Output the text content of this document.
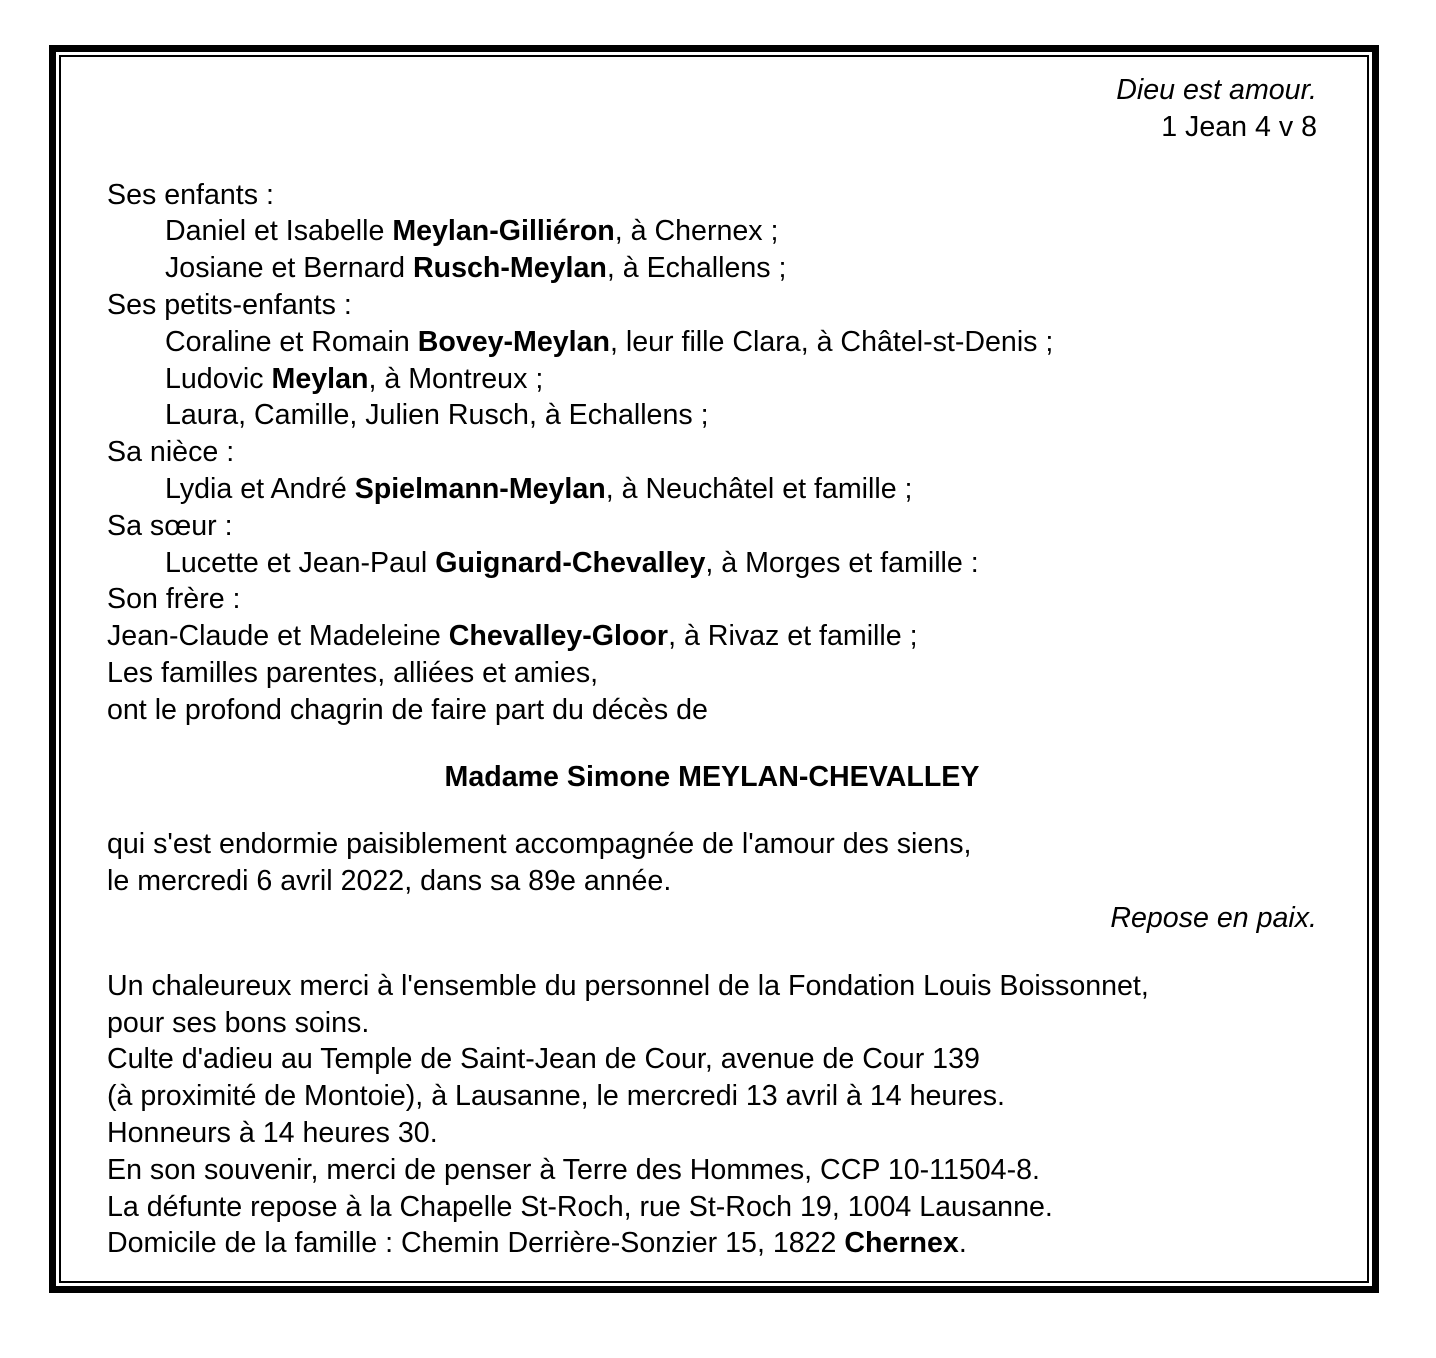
Dieu est amour.
1 Jean 4 v 8
Ses enfants :
Daniel et Isabelle Meylan-Gilliéron, à Chernex ;
Josiane et Bernard Rusch-Meylan, à Echallens ;
Ses petits-enfants :
Coraline et Romain Bovey-Meylan, leur fille Clara, à Châtel-st-Denis ;
Ludovic Meylan, à Montreux ;
Laura, Camille, Julien Rusch, à Echallens ;
Sa nièce :
Lydia et André Spielmann-Meylan, à Neuchâtel et famille ;
Sa sœur :
Lucette et Jean-Paul Guignard-Chevalley, à Morges et famille :
Son frère :
Jean-Claude et Madeleine Chevalley-Gloor, à Rivaz et famille ;
Les familles parentes, alliées et amies,
ont le profond chagrin de faire part du décès de
Madame Simone MEYLAN-CHEVALLEY
qui s'est endormie paisiblement accompagnée de l'amour des siens,
le mercredi 6 avril 2022, dans sa 89e année.
Repose en paix.
Un chaleureux merci à l'ensemble du personnel de la Fondation Louis Boissonnet,
pour ses bons soins.
Culte d'adieu au Temple de Saint-Jean de Cour, avenue de Cour 139
(à proximité de Montoie), à Lausanne, le mercredi 13 avril à 14 heures.
Honneurs à 14 heures 30.
En son souvenir, merci de penser à Terre des Hommes, CCP 10-11504-8.
La défunte repose à la Chapelle St-Roch, rue St-Roch 19, 1004 Lausanne.
Domicile de la famille : Chemin Derrière-Sonzier 15, 1822 Chernex.
